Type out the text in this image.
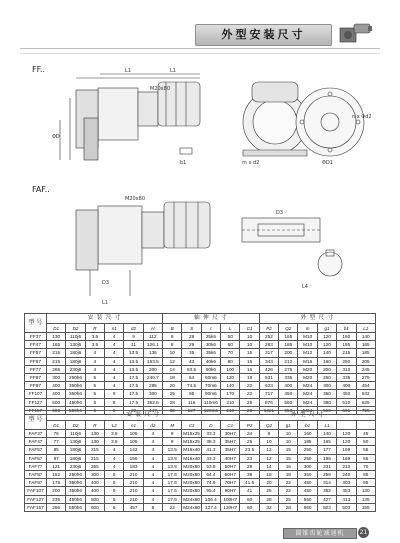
外型安装尺寸
FF..	L1	L1
M20x80
ΦD
b1	m x d2
n x Φd2
ΦD1
FAF..
M20x80
D3
L1
D3
L4
型 号	安 装 尺 寸						轴 伸 尺 寸					外 型 尺 寸					
	D1	D2	R	n1	d2	H	B	S	t	L	C1	P2	Q2	m	g1	b1	L1
FF37	130	110j6	3.5	4	9	112	8	28	25k6	50	10	252	165	M10	120	160	140
FF47	165	130j6	3.5	4	11	126.1	8	29	30k6	60	10	283	185	M10	120	185	165
FF57	215	180j6	4	4	13.5	136	10	35	35k6	70	15	317	200	M12	140	215	185
FF67	215	180j6	4	4	13.5	153.5	12	43	40k6	80	15	343	212	M16	160	250	205
FF77	265	230j6	4	4	13.5	200	14	53.5	50k6	100	16	426	275	M20	200	310	245
FF87	300	250h6	5	4	17.5	240.7	18	64	60m6	120	18	531	335	M20	250	335	279
FF97	400	350h6	5	4	17.5	285	20	74.5	70m6	140	22	623	400	M24	300	400	454
FF107	400	350h6	5	8	17.5	300	25	95	90m6	170	22	717	450	M24	350	450	532
FF127	500	450h6	5	8	17.5	362.6	28	116	110m6	210	25	876	560	M24	380	510	625
FF157	600	550h6	6	8	22	447	32	127	120m6	210	28	1021	650	M24	550	661	725
型 号	安 装 尺 寸										外 型 尺 寸						
	D1	D2	R	L2	n1	d2	M	C3	D	C1	P2	Q2	g1	b1	L1		
FAF37	76	110j6	130	3.5	105	4	9	M15x25	33.3	30H7	24	8	10	160	140	120	45
FAF47	77	130j6	130	3.5	105	4	9	M15x25	38.3	35H7	25	10	10	185	165	120	50
FAF57	85	180j6	215	4	142	4	13.5	M16x40	41.3	35H7	23.5	12	15	250	177	169	55
FAF67	97	180j6	215	4	156	4	13.5	M16x40	43.3	40H7	23	12	15	250	196	169	55
FAF77	121	230j6	265	4	183	4	13.5	M20x50	53.8	50H7	29	14	16	300	231	213	70
FAF87	152	250h6	300	5	210	4	17.5	M20x50	64.4	60H7	38	18	18	350	259	240	85
FAF97	178	350h6	400	5	210	4	17.5	M20x50	74.9	70H7	41.5	20	22	450	314	303	95
FAF107	200	350h6	400	5	210	4	17.5	M20x50	95.4	90H7	41	25	22	450	352	353	130
FAF127	235	450h6	500	5	210	4	17.5	M24x60	106.4	100H7	60	28	25	550	427	413	135
FAF157	286	550h6	600	6	457	8	22	M24x80	127.4	120H7	60	32	28	660	503	503	155
圆锥齿轮减速机	21
